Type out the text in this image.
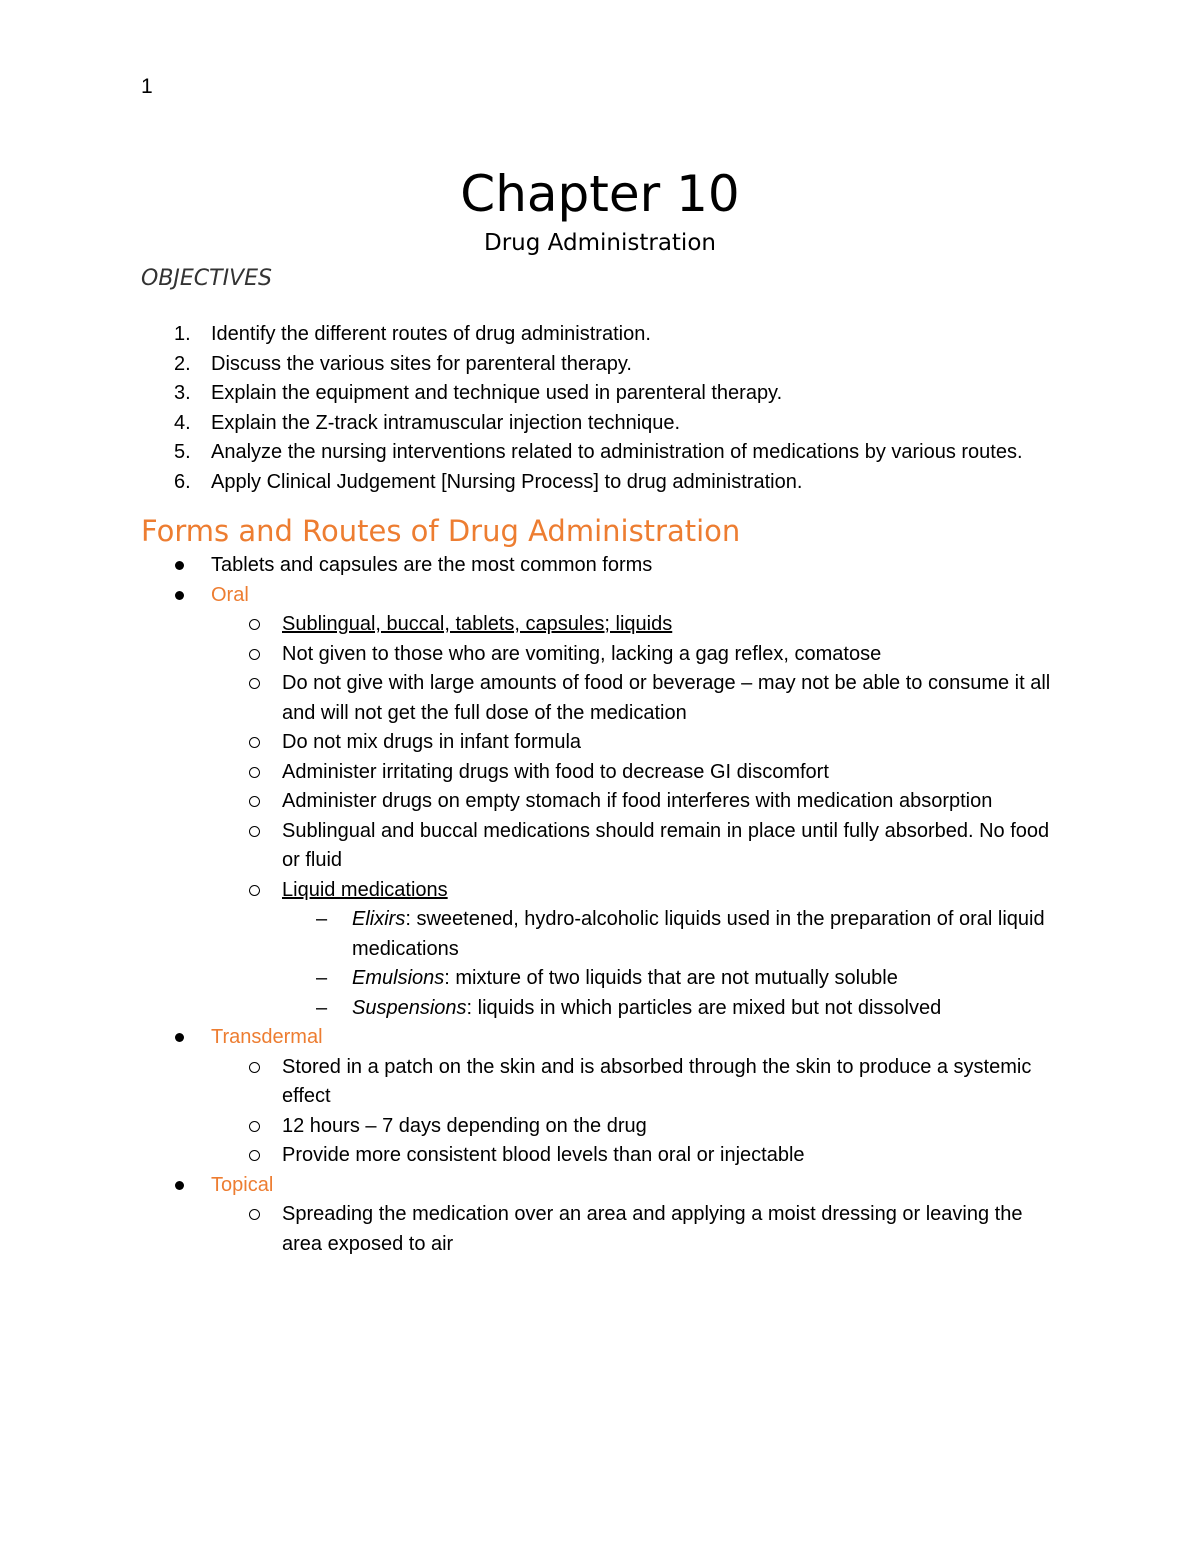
1
Chapter 10
Drug Administration
OBJECTIVES
1. Identify the different routes of drug administration.
2. Discuss the various sites for parenteral therapy.
3. Explain the equipment and technique used in parenteral therapy.
4. Explain the Z-track intramuscular injection technique.
5. Analyze the nursing interventions related to administration of medications by various routes.
6. Apply Clinical Judgement [Nursing Process] to drug administration.
Forms and Routes of Drug Administration
Tablets and capsules are the most common forms
Oral
Sublingual, buccal, tablets, capsules; liquids
Not given to those who are vomiting, lacking a gag reflex, comatose
Do not give with large amounts of food or beverage – may not be able to consume it all and will not get the full dose of the medication
Do not mix drugs in infant formula
Administer irritating drugs with food to decrease GI discomfort
Administer drugs on empty stomach if food interferes with medication absorption
Sublingual and buccal medications should remain in place until fully absorbed. No food or fluid
Liquid medications
– Elixirs: sweetened, hydro-alcoholic liquids used in the preparation of oral liquid medications
– Emulsions: mixture of two liquids that are not mutually soluble
– Suspensions: liquids in which particles are mixed but not dissolved
Transdermal
Stored in a patch on the skin and is absorbed through the skin to produce a systemic effect
12 hours – 7 days depending on the drug
Provide more consistent blood levels than oral or injectable
Topical
Spreading the medication over an area and applying a moist dressing or leaving the area exposed to air
